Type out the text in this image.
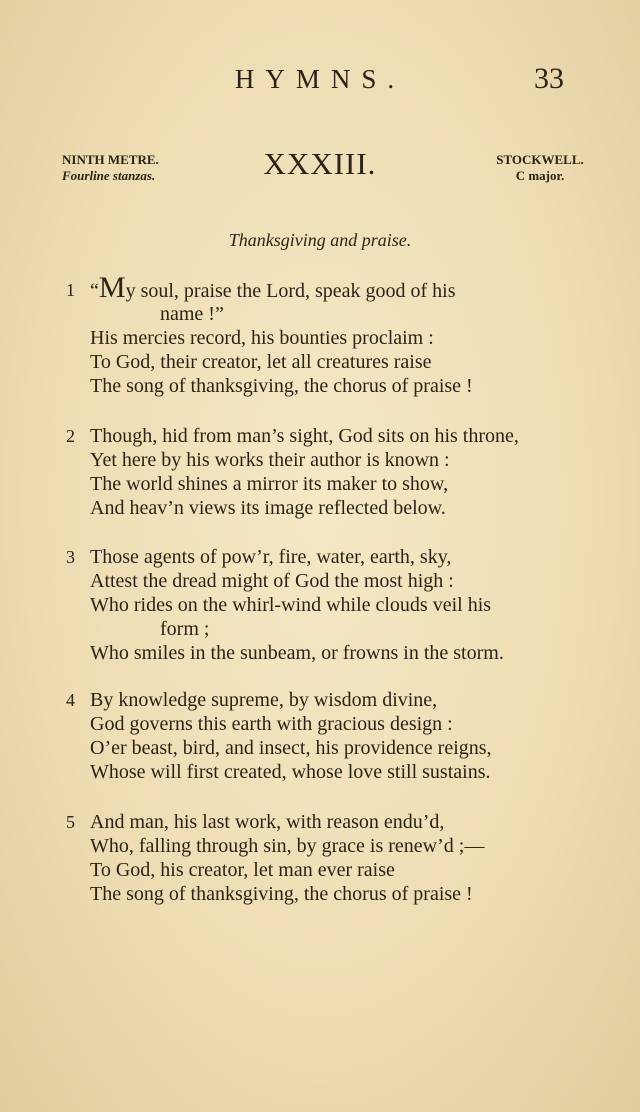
HYMNS.	33
NINTH METRE.
Fourline stanzas.	XXXIII.	STOCKWELL.
C major.
Thanksgiving and praise.
1 “My soul, praise the Lord, speak good of his
name !”
His mercies record, his bounties proclaim :
To God, their creator, let all creatures raise
The song of thanksgiving, the chorus of praise !
2 Though, hid from man’s sight, God sits on his throne,
Yet here by his works their author is known :
The world shines a mirror its maker to show,
And heav’n views its image reflected below.
3 Those agents of pow’r, fire, water, earth, sky,
Attest the dread might of God the most high :
Who rides on the whirl-wind while clouds veil his
form ;
Who smiles in the sunbeam, or frowns in the storm.
4 By knowledge supreme, by wisdom divine,
God governs this earth with gracious design :
O’er beast, bird, and insect, his providence reigns,
Whose will first created, whose love still sustains.
5 And man, his last work, with reason endu’d,
Who, falling through sin, by grace is renew’d ;—
To God, his creator, let man ever raise
The song of thanksgiving, the chorus of praise !
